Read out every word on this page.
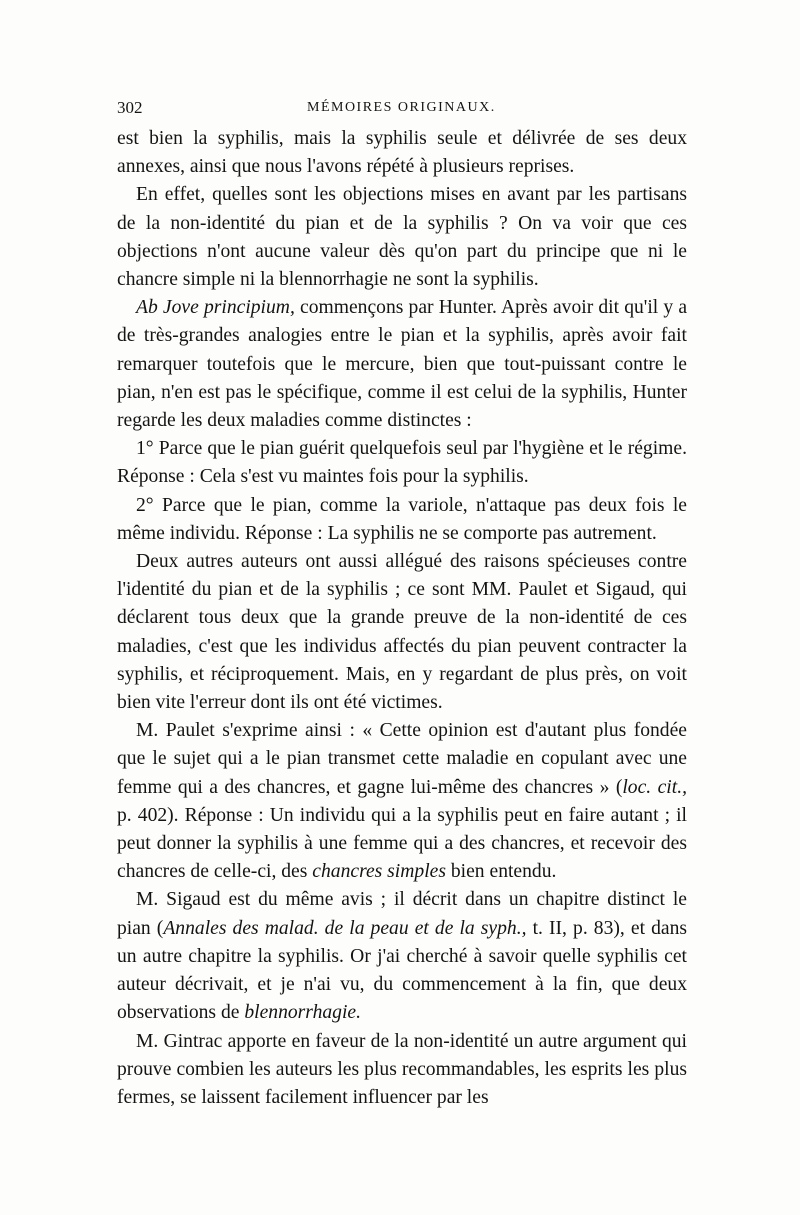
302	MÉMOIRES ORIGINAUX.

est bien la syphilis, mais la syphilis seule et délivrée de ses deux annexes, ainsi que nous l'avons répété à plusieurs reprises.

En effet, quelles sont les objections mises en avant par les partisans de la non-identité du pian et de la syphilis ? On va voir que ces objections n'ont aucune valeur dès qu'on part du principe que ni le chancre simple ni la blennorrhagie ne sont la syphilis.

Ab Jove principium, commençons par Hunter. Après avoir dit qu'il y a de très-grandes analogies entre le pian et la syphilis, après avoir fait remarquer toutefois que le mercure, bien que tout-puissant contre le pian, n'en est pas le spécifique, comme il est celui de la syphilis, Hunter regarde les deux maladies comme distinctes :

1° Parce que le pian guérit quelquefois seul par l'hygiène et le régime. Réponse : Cela s'est vu maintes fois pour la syphilis.

2° Parce que le pian, comme la variole, n'attaque pas deux fois le même individu. Réponse : La syphilis ne se comporte pas autrement.

Deux autres auteurs ont aussi allégué des raisons spécieuses contre l'identité du pian et de la syphilis ; ce sont MM. Paulet et Sigaud, qui déclarent tous deux que la grande preuve de la non-identité de ces maladies, c'est que les individus affectés du pian peuvent contracter la syphilis, et réciproquement. Mais, en y regardant de plus près, on voit bien vite l'erreur dont ils ont été victimes.

M. Paulet s'exprime ainsi : « Cette opinion est d'autant plus fondée que le sujet qui a le pian transmet cette maladie en copulant avec une femme qui a des chancres, et gagne lui-même des chancres » (loc. cit., p. 402). Réponse : Un individu qui a la syphilis peut en faire autant ; il peut donner la syphilis à une femme qui a des chancres, et recevoir des chancres de celle-ci, des chancres simples bien entendu.

M. Sigaud est du même avis ; il décrit dans un chapitre distinct le pian (Annales des malad. de la peau et de la syph., t. II, p. 83), et dans un autre chapitre la syphilis. Or j'ai cherché à savoir quelle syphilis cet auteur décrivait, et je n'ai vu, du commencement à la fin, que deux observations de blennorrhagie.

M. Gintrac apporte en faveur de la non-identité un autre argument qui prouve combien les auteurs les plus recommandables, les esprits les plus fermes, se laissent facilement influencer par les
